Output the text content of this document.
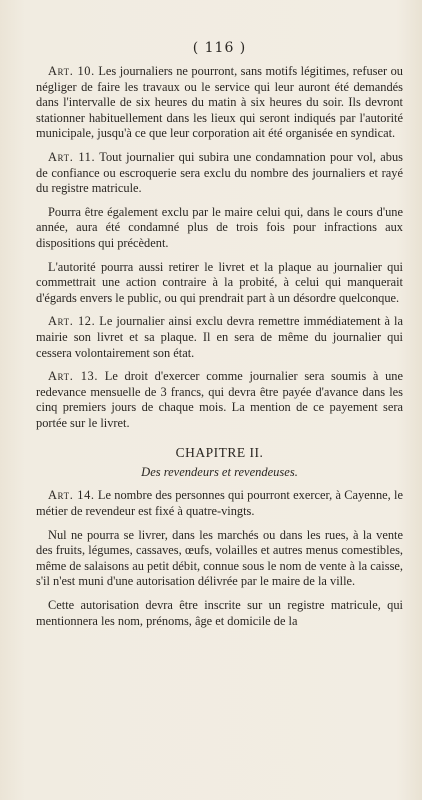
( 116 )
Art. 10. Les journaliers ne pourront, sans motifs légitimes, refuser ou négliger de faire les travaux ou le service qui leur auront été demandés dans l'intervalle de six heures du matin à six heures du soir. Ils devront stationner habituellement dans les lieux qui seront indiqués par l'autorité municipale, jusqu'à ce que leur corporation ait été organisée en syndicat.
Art. 11. Tout journalier qui subira une condamnation pour vol, abus de confiance ou escroquerie sera exclu du nombre des journaliers et rayé du registre matricule.
Pourra être également exclu par le maire celui qui, dans le cours d'une année, aura été condamné plus de trois fois pour infractions aux dispositions qui précèdent.
L'autorité pourra aussi retirer le livret et la plaque au journalier qui commettrait une action contraire à la probité, à celui qui manquerait d'égards envers le public, ou qui prendrait part à un désordre quelconque.
Art. 12. Le journalier ainsi exclu devra remettre immédiatement à la mairie son livret et sa plaque. Il en sera de même du journalier qui cessera volontairement son état.
Art. 13. Le droit d'exercer comme journalier sera soumis à une redevance mensuelle de 3 francs, qui devra être payée d'avance dans les cinq premiers jours de chaque mois. La mention de ce payement sera portée sur le livret.
CHAPITRE II.
Des revendeurs et revendeuses.
Art. 14. Le nombre des personnes qui pourront exercer, à Cayenne, le métier de revendeur est fixé à quatre-vingts.
Nul ne pourra se livrer, dans les marchés ou dans les rues, à la vente des fruits, légumes, cassaves, œufs, volailles et autres menus comestibles, même de salaisons au petit débit, connue sous le nom de vente à la caisse, s'il n'est muni d'une autorisation délivrée par le maire de la ville.
Cette autorisation devra être inscrite sur un registre matricule, qui mentionnera les nom, prénoms, âge et domicile de la
